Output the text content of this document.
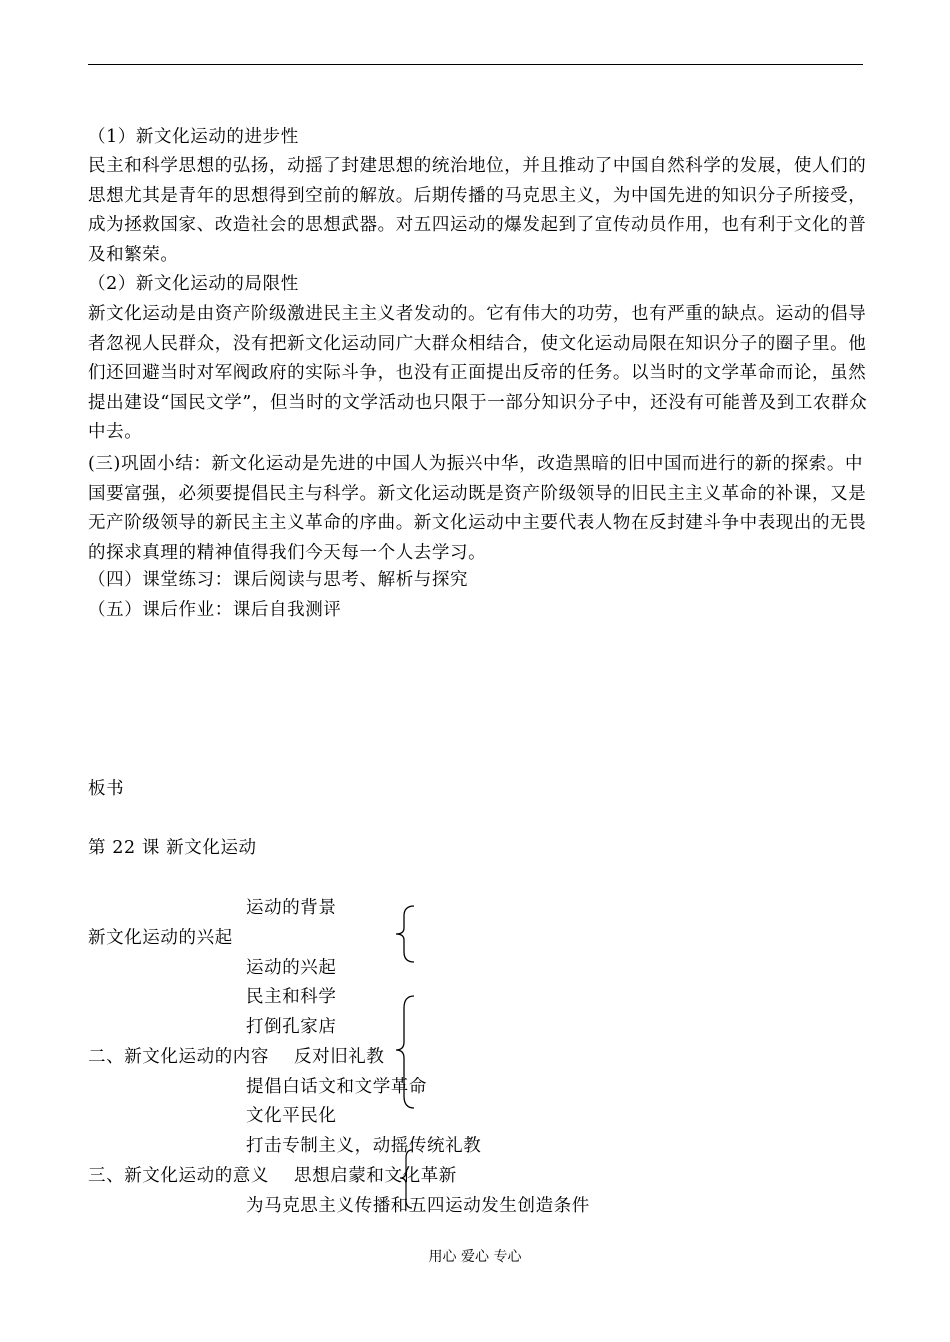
（1）新文化运动的进步性
民主和科学思想的弘扬，动摇了封建思想的统治地位，并且推动了中国自然科学的发展，使人们的思想尤其是青年的思想得到空前的解放。后期传播的马克思主义，为中国先进的知识分子所接受，成为拯救国家、改造社会的思想武器。对五四运动的爆发起到了宣传动员作用，也有利于文化的普及和繁荣。
（2）新文化运动的局限性
新文化运动是由资产阶级激进民主主义者发动的。它有伟大的功劳，也有严重的缺点。运动的倡导者忽视人民群众，没有把新文化运动同广大群众相结合，使文化运动局限在知识分子的圈子里。他们还回避当时对军阀政府的实际斗争，也没有正面提出反帝的任务。以当时的文学革命而论，虽然提出建设“国民文学”，但当时的文学活动也只限于一部分知识分子中，还没有可能普及到工农群众中去。
(三)巩固小结：新文化运动是先进的中国人为振兴中华，改造黑暗的旧中国而进行的新的探索。中国要富强，必须要提倡民主与科学。新文化运动既是资产阶级领导的旧民主主义革命的补课，又是无产阶级领导的新民主主义革命的序曲。新文化运动中主要代表人物在反封建斗争中表现出的无畏的探求真理的精神值得我们今天每一个人去学习。
（四）课堂练习：课后阅读与思考、解析与探究
（五）课后作业：课后自我测评
板书
第 22 课 新文化运动
运动的背景
新文化运动的兴起
运动的兴起
民主和科学
打倒孔家店
二、新文化运动的内容 反对旧礼教
提倡白话文和文学革命
文化平民化
打击专制主义，动摇传统礼教
三、新文化运动的意义 思想启蒙和文化革新
为马克思主义传播和五四运动发生创造条件
用心 爱心 专心
